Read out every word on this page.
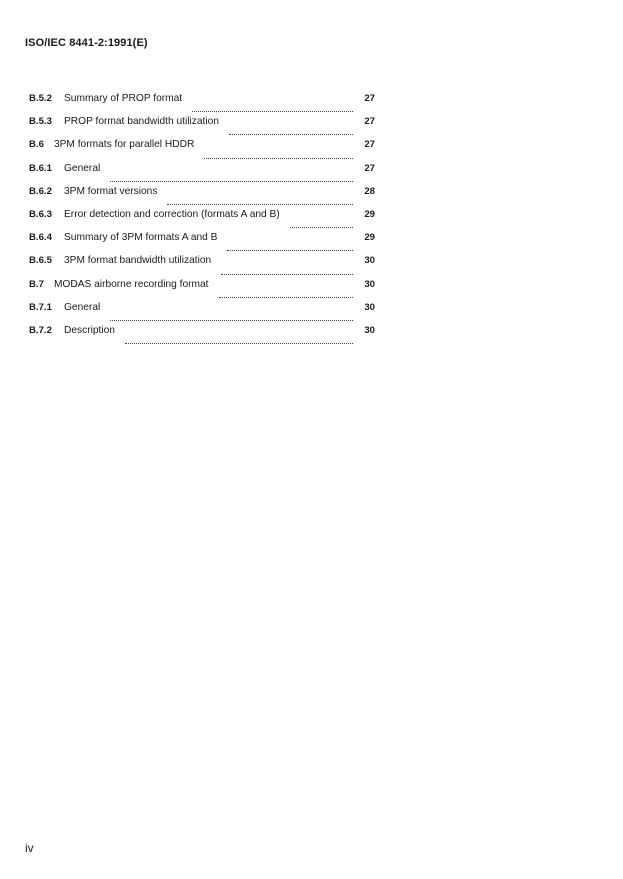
ISO/IEC 8441-2:1991(E)
B.5.2 Summary of PROP format	27
B.5.3 PROP format bandwidth utilization	27
B.6 3PM formats for parallel HDDR	27
B.6.1 General	27
B.6.2 3PM format versions	28
B.6.3 Error detection and correction (formats A and B)	29
B.6.4 Summary of 3PM formats A and B	29
B.6.5 3PM format bandwidth utilization	30
B.7 MODAS airborne recording format	30
B.7.1 General	30
B.7.2 Description	30
iv
